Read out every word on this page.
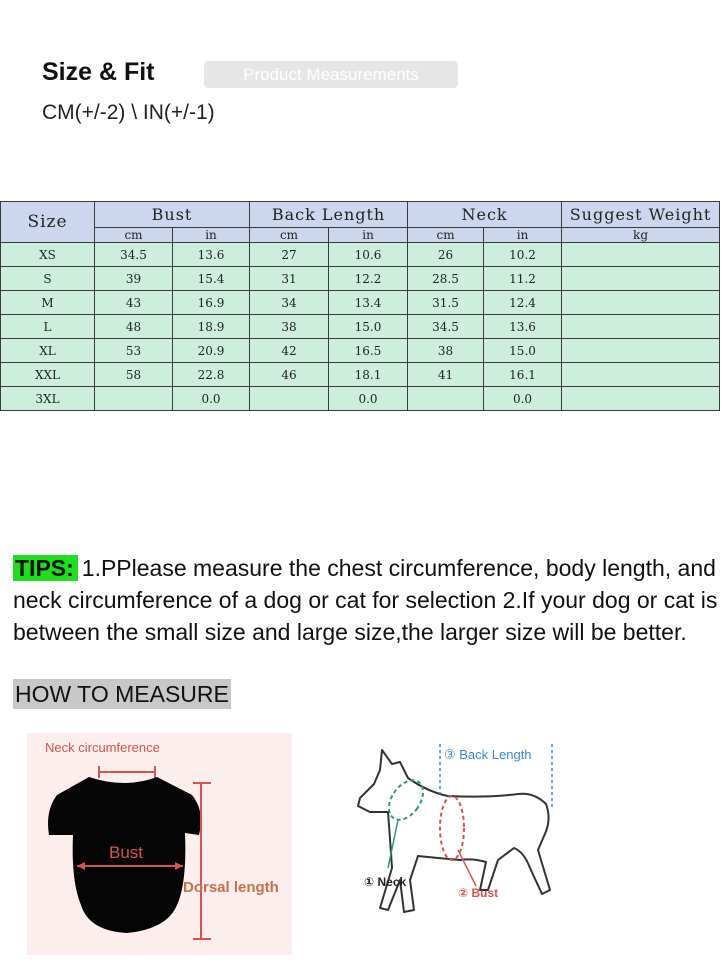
Size & Fit	Product Measurements
CM(+/-2) \ IN(+/-1)
Size	Bust		Back Length		Neck		Suggest Weight
	cm	in	cm	in	cm	in	kg
XS	34.5	13.6	27	10.6	26	10.2	
S	39	15.4	31	12.2	28.5	11.2	
M	43	16.9	34	13.4	31.5	12.4	
L	48	18.9	38	15.0	34.5	13.6	
XL	53	20.9	42	16.5	38	15.0	
XXL	58	22.8	46	18.1	41	16.1	
3XL		0.0		0.0		0.0	
TIPS: 1.PPlease measure the chest circumference, body length, and neck circumference of a dog or cat for selection 2.If your dog or cat is between the small size and large size,the larger size will be better.
HOW TO MEASURE
Neck circumference
Bust
Dorsal length
③ Back Length
① Neck
② Bust
